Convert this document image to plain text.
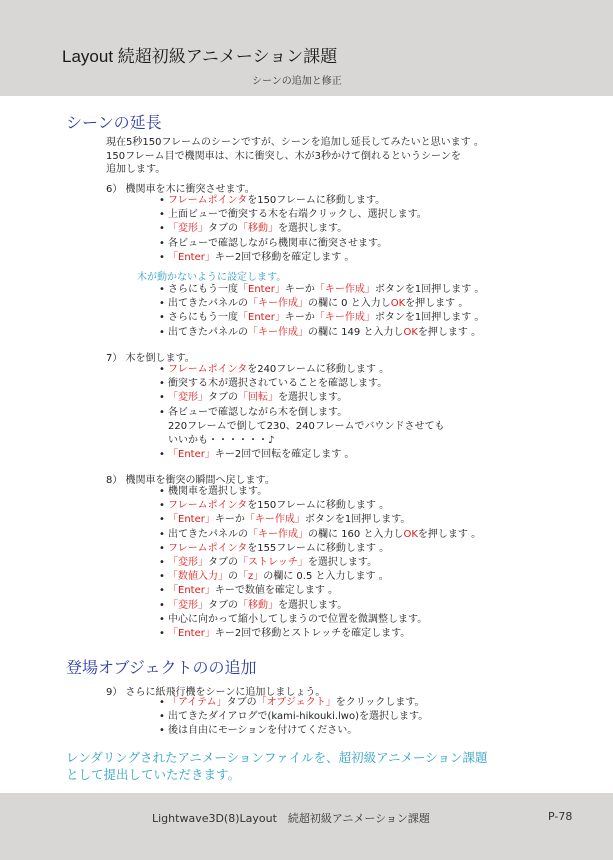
Layout 続超初級アニメーション課題
シーンの追加と修正
シーンの延長
現在5秒150フレームのシーンですが、シーンを追加し延長してみたいと思います 。
150フレーム目で機関車は、木に衝突し、木が3秒かけて倒れるというシーンを
追加します。
6） 機関車を木に衝突させます。
• フレームポインタを150フレームに移動します。
• 上面ビューで衝突する木を右端クリックし、選択します。
• 「変形」タブの「移動」を選択します。
• 各ビューで確認しながら機関車に衝突させます。
• 「Enter」キー2回で移動を確定します 。
木が動かないように設定します。
• さらにもう一度「Enter」キーか「キー作成」ボタンを1回押します 。
• 出てきたパネルの「キー作成」の欄に 0 と入力しOKを押します 。
• さらにもう一度「Enter」キーか「キー作成」ボタンを1回押します 。
• 出てきたパネルの「キー作成」の欄に 149 と入力しOKを押します 。
7） 木を倒します。
• フレームポインタを240フレームに移動します 。
• 衝突する木が選択されていることを確認します。
• 「変形」タブの「回転」を選択します。
• 各ビューで確認しながら木を倒します。
220フレームで倒して230、240フレームでバウンドさせても
いいかも・・・・・・♪
• 「Enter」キー2回で回転を確定します 。
8） 機関車を衝突の瞬間へ戻します。
• 機関車を選択します。
• フレームポインタを150フレームに移動します 。
• 「Enter」キーか「キー作成」ボタンを1回押します。
• 出てきたパネルの「キー作成」の欄に 160 と入力しOKを押します 。
• フレームポインタを155フレームに移動します 。
• 「変形」タブの「ストレッチ」を選択します。
• 「数値入力」の「z」の欄に 0.5 と入力します 。
• 「Enter」キーで数値を確定します 。
• 「変形」タブの「移動」を選択します。
• 中心に向かって縮小してしまうので位置を微調整します。
• 「Enter」キー2回で移動とストレッチを確定します。
登場オブジェクトのの追加
9） さらに紙飛行機をシーンに追加しましょう。
• 「アイテム」タブの「オブジェクト」をクリックします。
• 出てきたダイアログで(kami-hikouki.lwo)を選択します。
• 後は自由にモーションを付けてください。
レンダリングされたアニメーションファイルを、超初級アニメーション課題
として提出していただきます。
Lightwave3D(8)Layout　続超初級アニメーション課題	P-78
